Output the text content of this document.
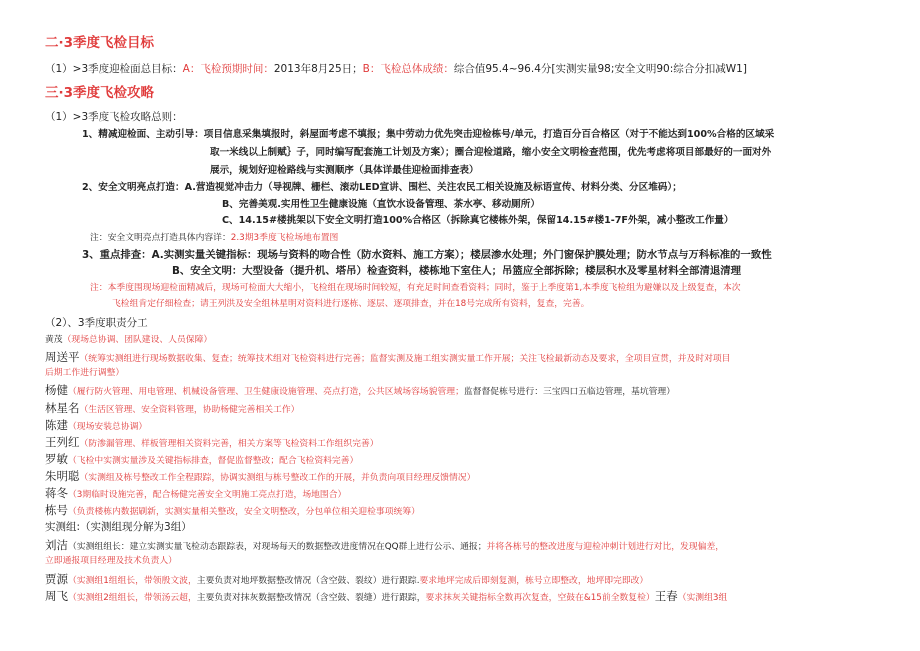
二·3季度飞检目标
（1）>3季度迎检面总目标：A：飞检预期时间：2013年8月25日；B：飞检总体成绩：综合值95.4~96.4分[实测实量98;安全文明90:综合分扣减W1]
三·3季度飞检攻略
（1）>3季度飞检攻略总则：
1、精减迎检面、主动引导：项目信息采集填报时，斜屋面考虑不填报；集中劳动力优先突击迎检栋号/单元，打造百分百合格区（对于不能达到100%合格的区域采
取一米线以上制赋｝子，同时编写配套施工计划及方案）；圈合迎检道路，缩小安全文明检查范围，优先考虑将项目部最好的一面对外
展示，规划好迎检路线与实测顺序（具体详最佳迎检面排查表）
2、安全文明亮点打造：A.营造视觉冲击力（导视牌、栅栏、滚动LED宣讲、围栏、关注农民工相关设施及标语宣传、材料分类、分区堆码）；
B、完善美观.实用性卫生健康设施（直饮水设备管理、茶水亭、移动厕所）
C、14.15#楼挑架以下安全文明打造100%合格区（拆除真它楼栋外架，保留14.15#楼1-7F外架，减小整改工作量）
注：安全文明亮点打造具体内容详：2.3期3季度飞检场地布置图
3、重点排查：A.实测实量关键指标：现场与资料的吻合性（防水资料、施工方案）；楼层渗水处理；外门窗保护膜处理；防水节点与万科标准的一致性
B、安全文明：大型设备（提升机、塔吊）检查资料，楼栋地下室住人；吊篮应全部拆除；楼层积水及零星材料全部清退清理
注：本季度围现场迎检面精减后，现场可检面大大缩小，飞检组在现场时间较短，有充足时间查看资料；同时，鉴于上季度第1,本季度飞检组为避嫌以及上级复查，本次
飞检组肯定仔细检查；请王列洪及安全组林星明对资料进行逐栋、逐层、逐项排查，并在18号完成所有资料，复查，完善。
（2）、3季度职责分工
黄茂（现场总协调、团队建设、人员保障）
周送平（统筹实测组进行现场数据收集、复查；统筹技术组对飞检资料进行完善；监督实测及施工组实测实量工作开展；关注飞检最新动态及要求，全项目宣贯，并及时对项目
后期工作进行调整）
杨健（履行防火管理、用电管理、机械设备管理、卫生健康设施管理、亮点打造，公共区域场容场貌管理；监督督促栋号进行：三宝四口五临边管理，基坑管理）
林星名（生活区管理、安全资料管理，协助杨健完善相关工作）
陈建（现场安装总协调）
王列红（防渗漏管理、样板管理相关资料完善，相关方案等飞检资料工作组织完善）
罗敏（飞检中实测实量涉及关键指标排查，督促监督整改；配合飞检资料完善）
朱明聪（实测组及栋号整改工作全程跟踪，协调实测组与栋号整改工作的开展，并负责向项目经理反馈情况）
蒋冬（3期临时设施完善，配合杨健完善安全文明施工亮点打造，场地围合）
栋号（负责楼栋内数据刷新，实测实量相关整改，安全文明整改，分包单位相关迎检事项统筹）
实测组:（实测组现分解为3组）
刘洁（实测组组长：建立实测实量飞检动态跟踪表，对现场每天的数据整改进度情况在QQ群上进行公示、通报；并将各栋号的整改进度与迎检冲刺计划进行对比，发现偏差，
立即通报项目经理及技术负责人）
贾源（实测组1组组长，带领殷文波，主要负责对地坪数据整改情况（含空鼓、裂纹）进行跟踪.要求地坪完成后即刻复测，栋号立即整改，地坪即完即改）
周飞（实测组2组组长，带领汤云超，主要负责对抹灰数据整改情况（含空鼓、裂缝）进行跟踪，要求抹灰关键指标全数再次复查，空鼓在&15前全数复检）王春（实测组3组
